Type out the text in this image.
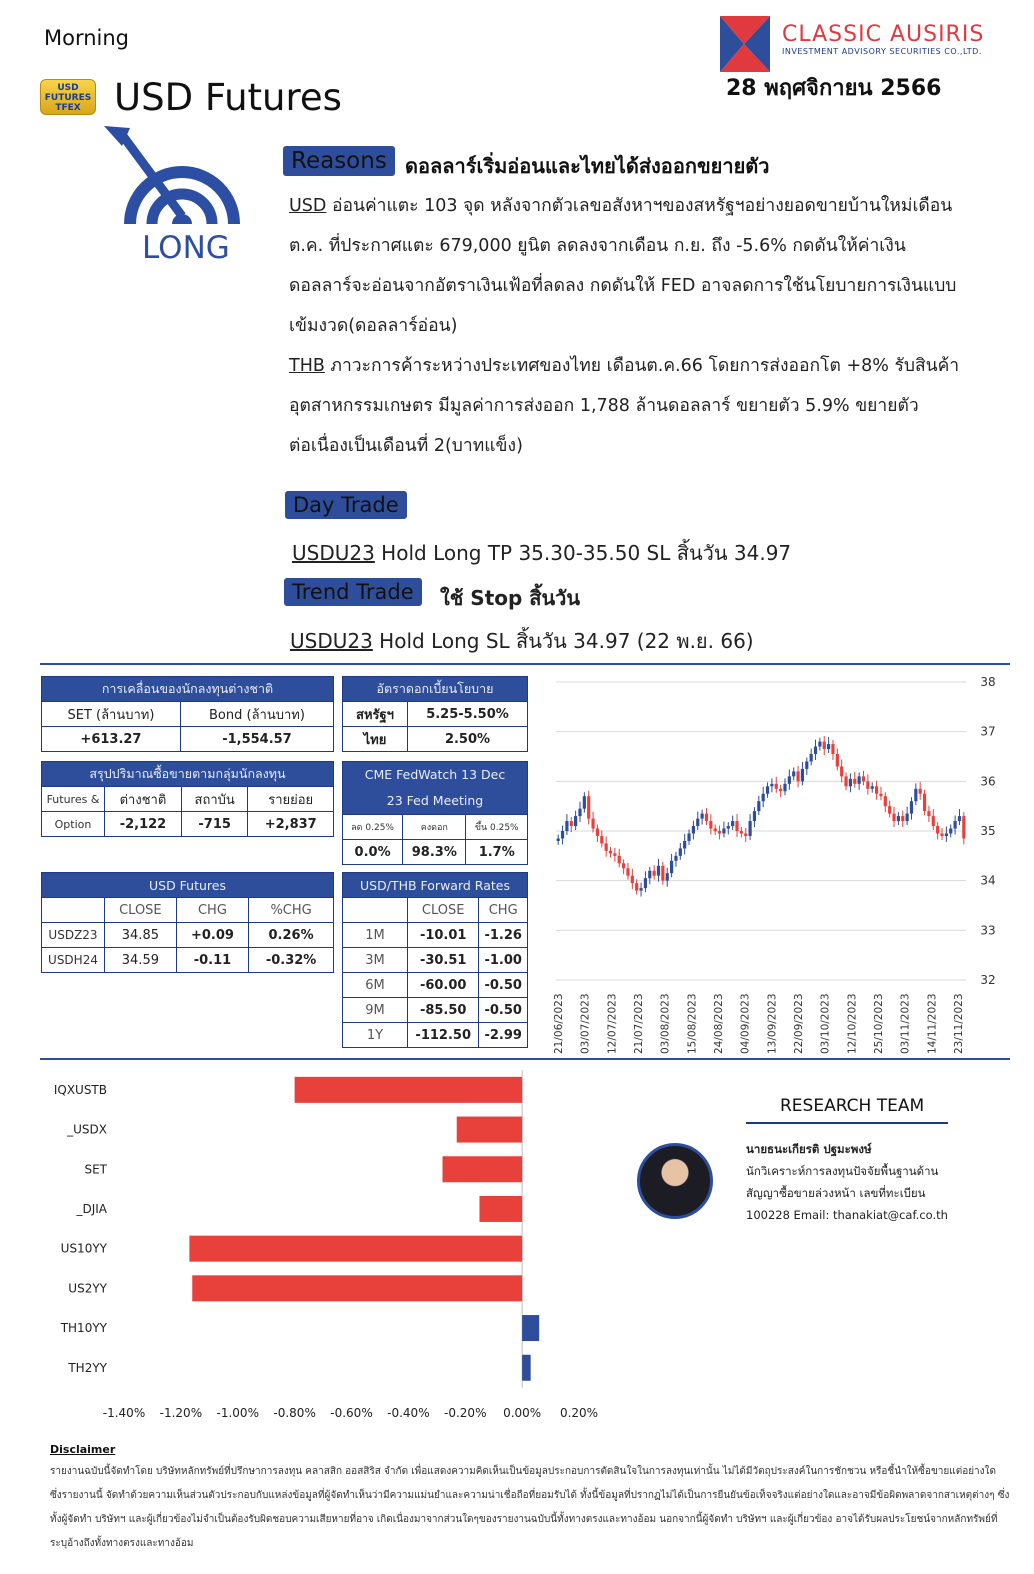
Morning
USD
FUTURES
TFEX USD Futures
CLASSIC AUSIRIS
INVESTMENT ADVISORY SECURITIES CO.,LTD.
28 พฤศจิกายน 2566
LONG
Reasons ดอลลาร์เริ่มอ่อนและไทยได้ส่งออกขยายตัว
USD อ่อนค่าแตะ 103 จุด หลังจากตัวเลขอสังหาฯของสหรัฐฯอย่างยอดขายบ้านใหม่เดือน
ต.ค. ที่ประกาศแตะ 679,000 ยูนิต ลดลงจากเดือน ก.ย. ถึง -5.6% กดดันให้ค่าเงิน
ดอลลาร์จะอ่อนจากอัตราเงินเฟ้อที่ลดลง กดดันให้ FED อาจลดการใช้นโยบายการเงินแบบ
เข้มงวด(ดอลลาร์อ่อน)
THB ภาวะการค้าระหว่างประเทศของไทย เดือนต.ค.66 โดยการส่งออกโต +8% รับสินค้า
อุตสาหกรรมเกษตร มีมูลค่าการส่งออก 1,788 ล้านดอลลาร์ ขยายตัว 5.9% ขยายตัว
ต่อเนื่องเป็นเดือนที่ 2(บาทแข็ง)
Day Trade
USDU23 Hold Long TP 35.30-35.50 SL สิ้นวัน 34.97
Trend Trade	ใช้ Stop สิ้นวัน
USDU23 Hold Long SL สิ้นวัน 34.97 (22 พ.ย. 66)
การเคลื่อนของนักลงทุนต่างชาติ	
SET (ล้านบาท)	Bond (ล้านบาท)
+613.27	-1,554.57
อัตราดอกเบี้ยนโยบาย	
สหรัฐฯ	5.25-5.50%
ไทย	2.50%
สรุปปริมาณซื้อขายตามกลุ่มนักลงทุน			
Futures &	ต่างชาติ	สถาบัน	รายย่อย
Option	-2,122	-715	+2,837
CME FedWatch 13 Dec
23 Fed Meeting		
ลด 0.25%	คงดอก	ขึ้น 0.25%
0.0%	98.3%	1.7%
USD Futures			
	CLOSE	CHG	%CHG
USDZ23	34.85	+0.09	0.26%
USDH24	34.59	-0.11	-0.32%
USD/THB Forward Rates		
	CLOSE	CHG
1M	-10.01	-1.26
3M	-30.51	-1.00
6M	-60.00	-0.50
9M	-85.50	-0.50
1Y	-112.50	-2.99
32
33
34
35
36
37
38
21/06/2023 03/07/2023 12/07/2023 21/07/2023 03/08/2023 15/08/2023 24/08/2023 04/09/2023 13/09/2023 22/09/2023 03/10/2023 12/10/2023 25/10/2023 03/11/2023 14/11/2023 23/11/2023
IQXUSTB
_USDX
SET
_DJIA
US10YY
US2YY
TH10YY
TH2YY
-1.40% -1.20% -1.00% -0.80% -0.60% -0.40% -0.20% 0.00% 0.20%
RESEARCH TEAM
นายธนะเกียรติ ปฐมะพงษ์
นักวิเคราะห์การลงทุนปัจจัยพื้นฐานด้าน
สัญญาซื้อขายล่วงหน้า เลขที่ทะเบียน
100228 Email: thanakiat@caf.co.th
Disclaimer
รายงานฉบับนี้จัดทำโดย บริษัทหลักทรัพย์ที่ปรึกษาการลงทุน คลาสสิก ออสสิริส จำกัด เพื่อแสดงความคิดเห็นเป็นข้อมูลประกอบการตัดสินใจในการลงทุนเท่านั้น ไม่ได้มีวัตถุประสงค์ในการชักชวน หรือชี้นำให้ซื้อขายแต่อย่างใด ซึ่งรายงานนี้ จัดทำด้วยความเห็นส่วนตัวประกอบกับแหล่งข้อมูลที่ผู้จัดทำเห็นว่ามีความแม่นยำและความน่าเชื่อถือที่ยอมรับได้ ทั้งนี้ข้อมูลที่ปรากฏไม่ได้เป็นการยืนยันข้อเท็จจริงแต่อย่างใดและอาจมีข้อผิดพลาดจากสาเหตุต่างๆ ซึ่งทั้งผู้จัดทำ บริษัทฯ และผู้เกี่ยวข้องไม่จำเป็นต้องรับผิดชอบความเสียหายที่อาจ เกิดเนื่องมาจากส่วนใดๆของรายงานฉบับนี้ทั้งทางตรงและทางอ้อม นอกจากนี้ผู้จัดทำ บริษัทฯ และผู้เกี่ยวข้อง อาจได้รับผลประโยชน์จากหลักทรัพย์ที่ระบุอ้างถึงทั้งทางตรงและทางอ้อม
